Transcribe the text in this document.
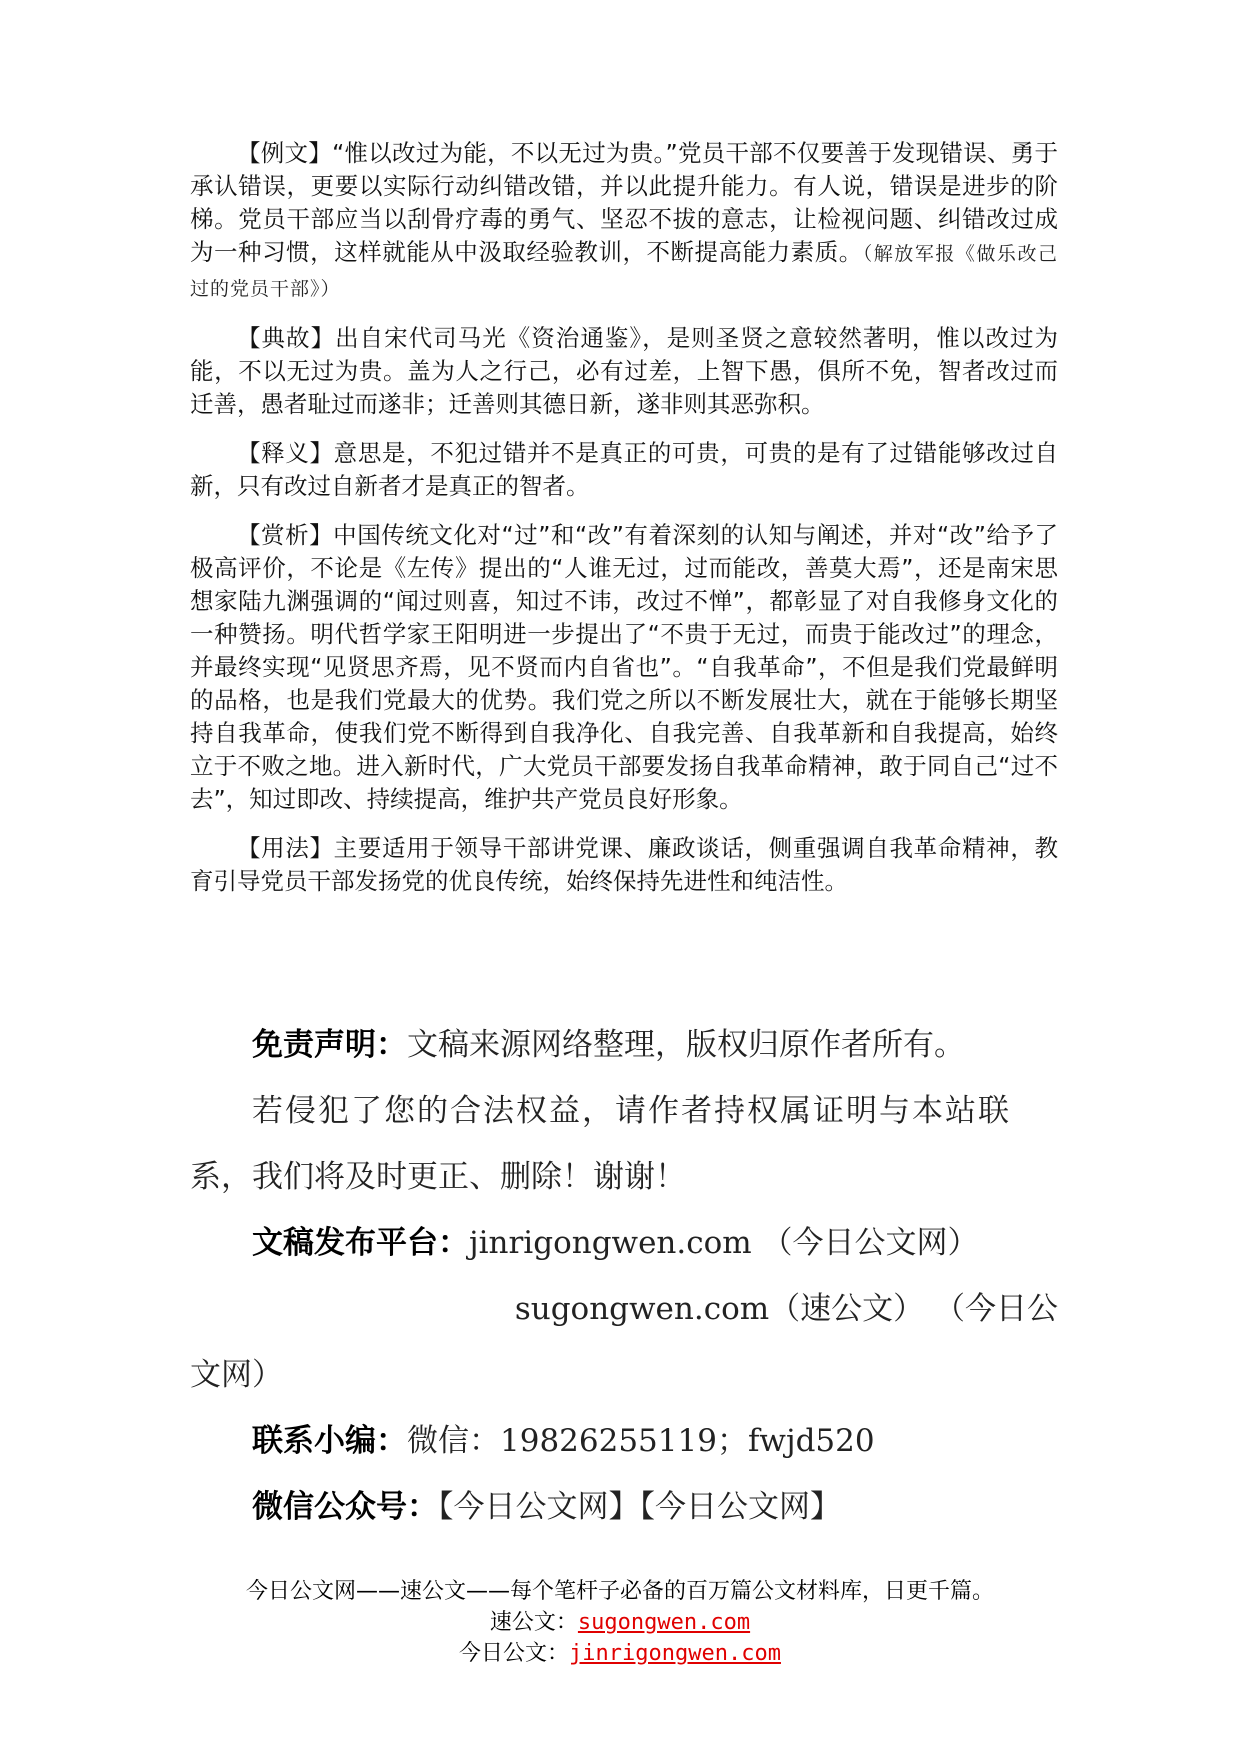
【例文】“惟以改过为能，不以无过为贵。”党员干部不仅要善于发现错误、勇于承认错误，更要以实际行动纠错改错，并以此提升能力。有人说，错误是进步的阶梯。党员干部应当以刮骨疗毒的勇气、坚忍不拔的意志，让检视问题、纠错改过成为一种习惯，这样就能从中汲取经验教训，不断提高能力素质。（解放军报《做乐改己过的党员干部》）

【典故】出自宋代司马光《资治通鉴》，是则圣贤之意较然著明，惟以改过为能，不以无过为贵。盖为人之行己，必有过差，上智下愚，俱所不免，智者改过而迁善，愚者耻过而遂非；迁善则其德日新，遂非则其恶弥积。

【释义】意思是，不犯过错并不是真正的可贵，可贵的是有了过错能够改过自新，只有改过自新者才是真正的智者。

【赏析】中国传统文化对“过”和“改”有着深刻的认知与阐述，并对“改”给予了极高评价，不论是《左传》提出的“人谁无过，过而能改，善莫大焉”，还是南宋思想家陆九渊强调的“闻过则喜，知过不讳，改过不惮”，都彰显了对自我修身文化的一种赞扬。明代哲学家王阳明进一步提出了“不贵于无过，而贵于能改过”的理念，并最终实现“见贤思齐焉，见不贤而内自省也”。“自我革命”，不但是我们党最鲜明的品格，也是我们党最大的优势。我们党之所以不断发展壮大，就在于能够长期坚持自我革命，使我们党不断得到自我净化、自我完善、自我革新和自我提高，始终立于不败之地。进入新时代，广大党员干部要发扬自我革命精神，敢于同自己“过不去”，知过即改、持续提高，维护共产党员良好形象。

【用法】主要适用于领导干部讲党课、廉政谈话，侧重强调自我革命精神，教育引导党员干部发扬党的优良传统，始终保持先进性和纯洁性。

免责声明：文稿来源网络整理，版权归原作者所有。

若侵犯了您的合法权益，请作者持权属证明与本站联

系，我们将及时更正、删除！谢谢！

文稿发布平台：jinrigongwen.com （今日公文网）

sugongwen.com（速公文） （今日公

文网）

联系小编：微信：19826255119；fwjd520

微信公众号：【今日公文网】【今日公文网】

今日公文网——速公文——每个笔杆子必备的百万篇公文材料库，日更千篇。
速公文：sugongwen.com
今日公文：jinrigongwen.com
